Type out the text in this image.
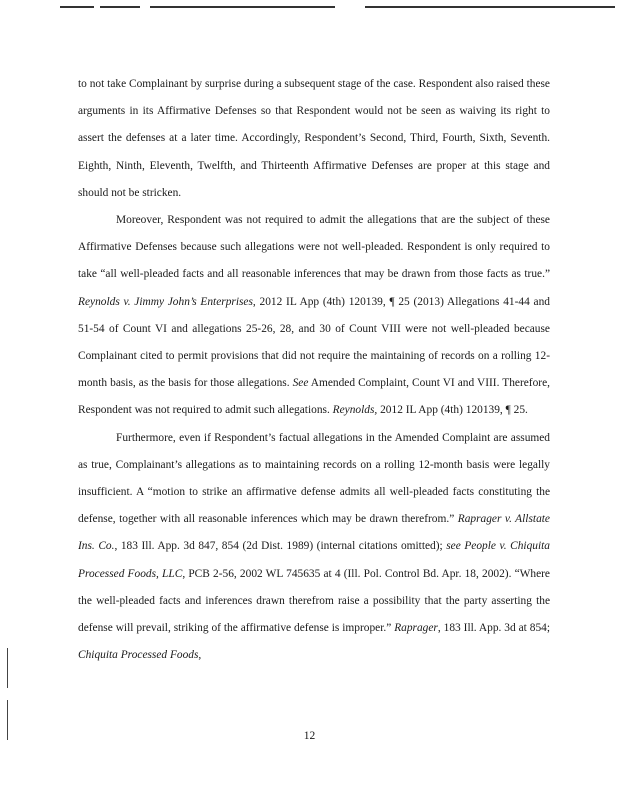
to not take Complainant by surprise during a subsequent stage of the case. Respondent also raised these arguments in its Affirmative Defenses so that Respondent would not be seen as waiving its right to assert the defenses at a later time. Accordingly, Respondent’s Second, Third, Fourth, Sixth, Seventh. Eighth, Ninth, Eleventh, Twelfth, and Thirteenth Affirmative Defenses are proper at this stage and should not be stricken.

Moreover, Respondent was not required to admit the allegations that are the subject of these Affirmative Defenses because such allegations were not well-pleaded. Respondent is only required to take “all well-pleaded facts and all reasonable inferences that may be drawn from those facts as true.” Reynolds v. Jimmy John’s Enterprises, 2012 IL App (4th) 120139, ¶ 25 (2013) Allegations 41-44 and 51-54 of Count VI and allegations 25-26, 28, and 30 of Count VIII were not well-pleaded because Complainant cited to permit provisions that did not require the maintaining of records on a rolling 12-month basis, as the basis for those allegations. See Amended Complaint, Count VI and VIII. Therefore, Respondent was not required to admit such allegations. Reynolds, 2012 IL App (4th) 120139, ¶ 25.

Furthermore, even if Respondent’s factual allegations in the Amended Complaint are assumed as true, Complainant’s allegations as to maintaining records on a rolling 12-month basis were legally insufficient. A “motion to strike an affirmative defense admits all well-pleaded facts constituting the defense, together with all reasonable inferences which may be drawn therefrom.” Raprager v. Allstate Ins. Co., 183 Ill. App. 3d 847, 854 (2d Dist. 1989) (internal citations omitted); see People v. Chiquita Processed Foods, LLC, PCB 2-56, 2002 WL 745635 at 4 (Ill. Pol. Control Bd. Apr. 18, 2002). “Where the well-pleaded facts and inferences drawn therefrom raise a possibility that the party asserting the defense will prevail, striking of the affirmative defense is improper.” Raprager, 183 Ill. App. 3d at 854; Chiquita Processed Foods,

12
